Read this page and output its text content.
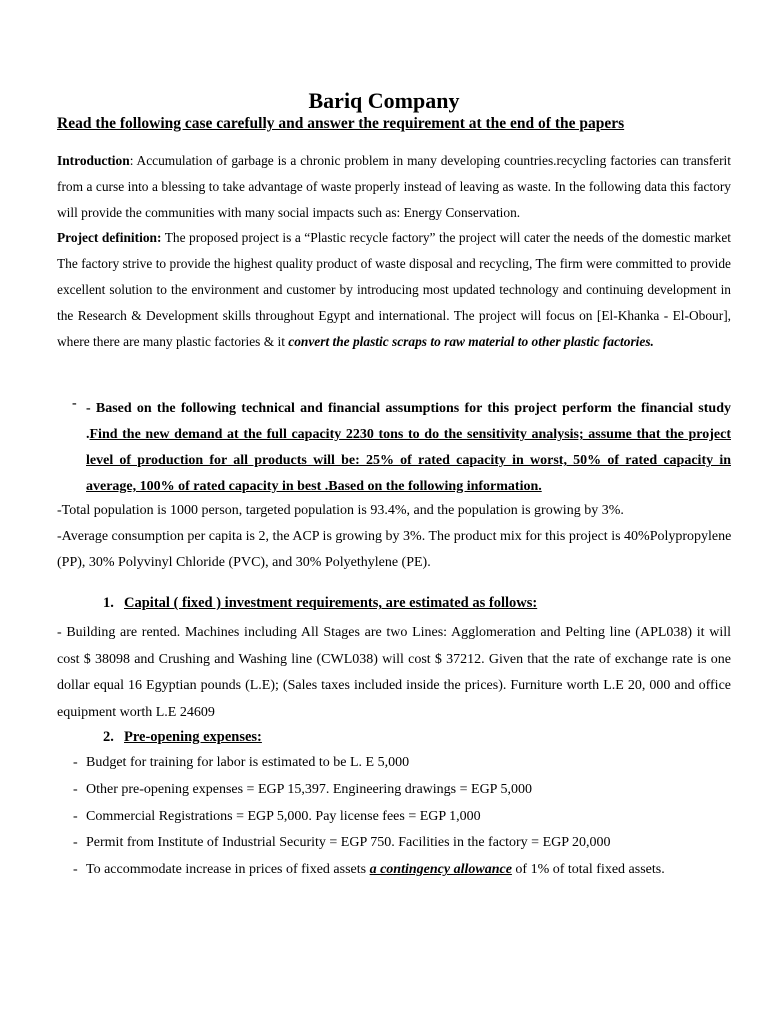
Bariq Company
Read the following case carefully and answer the requirement at the end of the papers
Introduction: Accumulation of garbage is a chronic problem in many developing countries.recycling factories can transferit from a curse into a blessing to take advantage of waste properly instead of leaving as waste. In the following data this factory will provide the communities with many social impacts such as: Energy Conservation.
Project definition: The proposed project is a “Plastic recycle factory” the project will cater the needs of the domestic market The factory strive to provide the highest quality product of waste disposal and recycling, The firm were committed to provide excellent solution to the environment and customer by introducing most updated technology and continuing development in the Research & Development skills throughout Egypt and international. The project will focus on [El-Khanka - El-Obour], where there are many plastic factories & it convert the plastic scraps to raw material to other plastic factories.
- - Based on the following technical and financial assumptions for this project perform the financial study .Find the new demand at the full capacity 2230 tons to do the sensitivity analysis; assume that the project level of production for all products will be: 25% of rated capacity in worst, 50% of rated capacity in average, 100% of rated capacity in best .Based on the following information.
-Total population is 1000 person, targeted population is 93.4%, and the population is growing by 3%.
-Average consumption per capita is 2, the ACP is growing by 3%. The product mix for this project is 40%Polypropylene (PP), 30% Polyvinyl Chloride (PVC), and 30% Polyethylene (PE).
1. Capital ( fixed ) investment requirements, are estimated as follows:
- Building are rented. Machines including All Stages are two Lines: Agglomeration and Pelting line (APL038) it will cost $ 38098 and Crushing and Washing line (CWL038) will cost $ 37212. Given that the rate of exchange rate is one dollar equal 16 Egyptian pounds (L.E); (Sales taxes included inside the prices). Furniture worth L.E 20, 000 and office equipment worth L.E 24609
2. Pre-opening expenses:
- Budget for training for labor is estimated to be L. E 5,000
- Other pre-opening expenses = EGP 15,397. Engineering drawings = EGP 5,000
- Commercial Registrations = EGP 5,000. Pay license fees = EGP 1,000
- Permit from Institute of Industrial Security = EGP 750. Facilities in the factory = EGP 20,000
- To accommodate increase in prices of fixed assets a contingency allowance of 1% of total fixed assets.
